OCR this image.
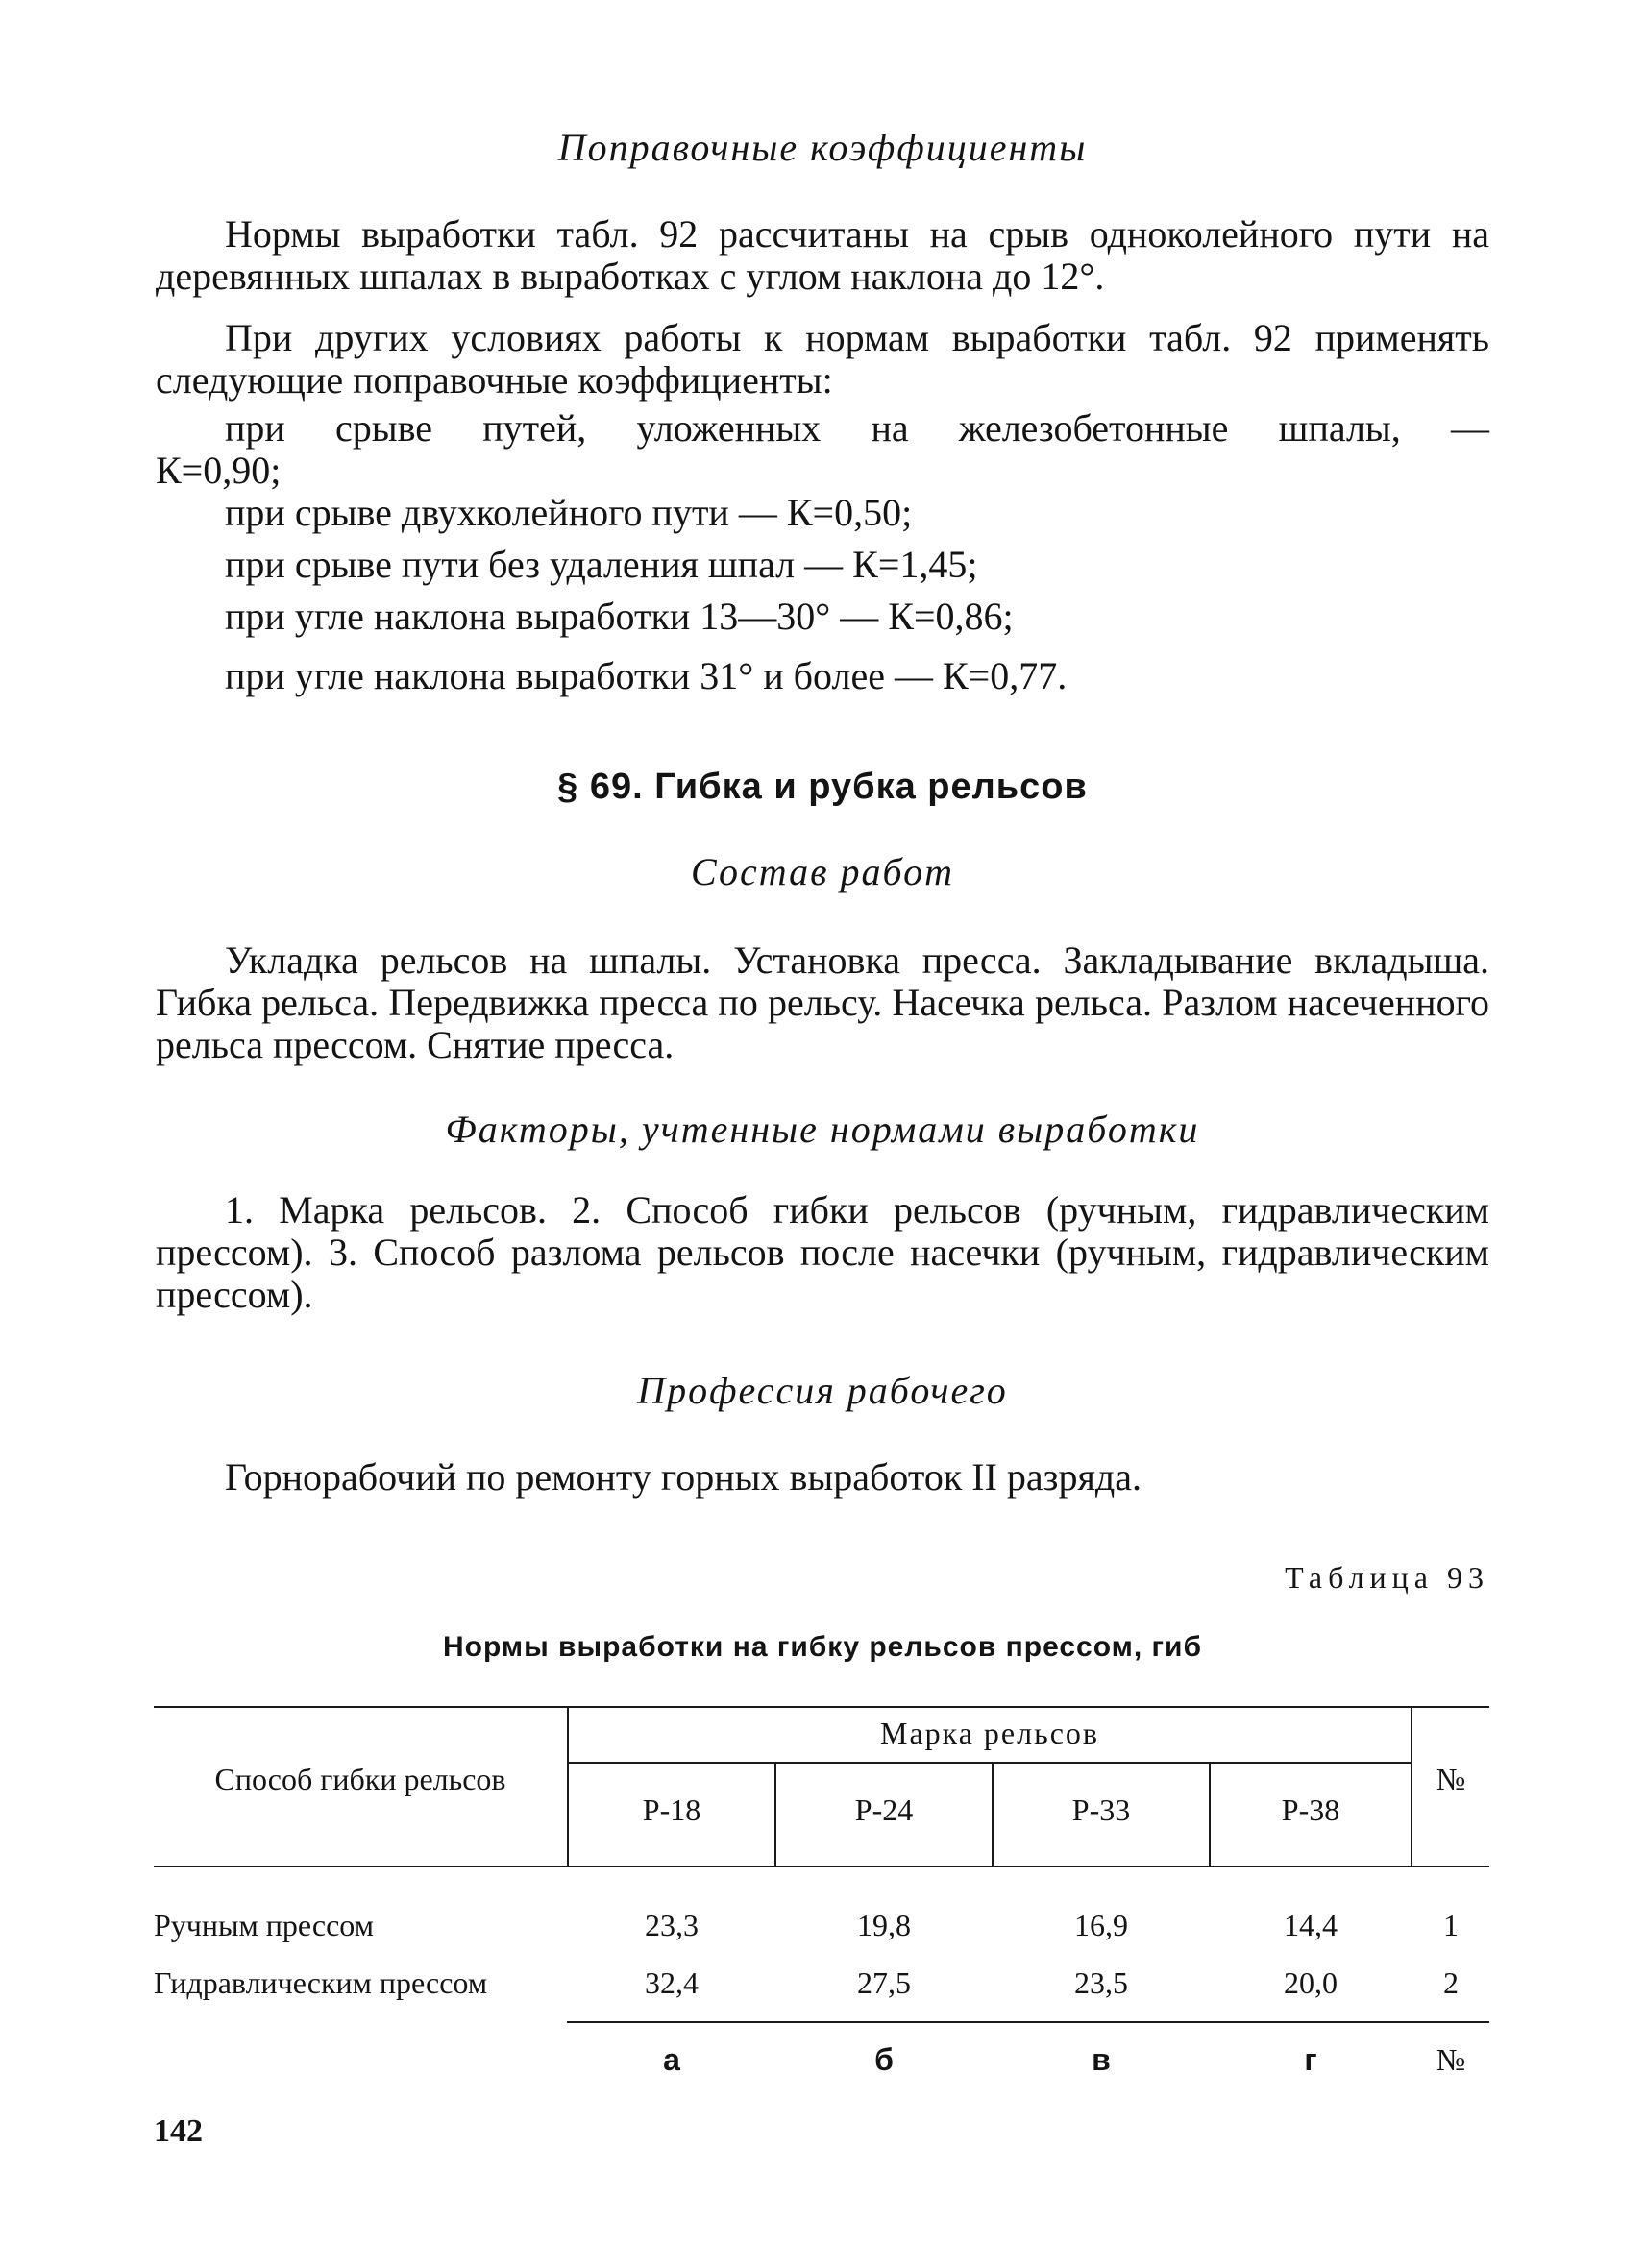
Поправочные коэффициенты

Нормы выработки табл. 92 рассчитаны на срыв одноколейного пути на деревянных шпалах в выработках с углом наклона до 12°.

При других условиях работы к нормам выработки табл. 92 применять следующие поправочные коэффициенты:

при срыве путей, уложенных на железобетонные шпалы, —

К=0,90;

при срыве двухколейного пути — К=0,50;

при срыве пути без удаления шпал — К=1,45;

при угле наклона выработки 13—30° — К=0,86;

при угле наклона выработки 31° и более — К=0,77.

§ 69. Гибка и рубка рельсов
Состав работ

Укладка рельсов на шпалы. Установка пресса. Закладывание вкладыша. Гибка рельса. Передвижка пресса по рельсу. Насечка рельса. Разлом насеченного рельса прессом. Снятие пресса.

Факторы, учтенные нормами выработки

1. Марка рельсов. 2. Способ гибки рельсов (ручным, гидравлическим прессом). 3. Способ разлома рельсов после насечки (ручным, гидравлическим прессом).

Профессия рабочего

Горнорабочий по ремонту горных выработок II разряда.

Таблица 93
Нормы выработки на гибку рельсов прессом, гиб
Способ гибки рельсов
Марка рельсов
№
Р-18	Р-24	Р-33	Р-38
Ручным прессом	23,3	19,8	16,9	14,4	1
Гидравлическим прессом	32,4	27,5	23,5	20,0	2
а	б	в	г	№
142
